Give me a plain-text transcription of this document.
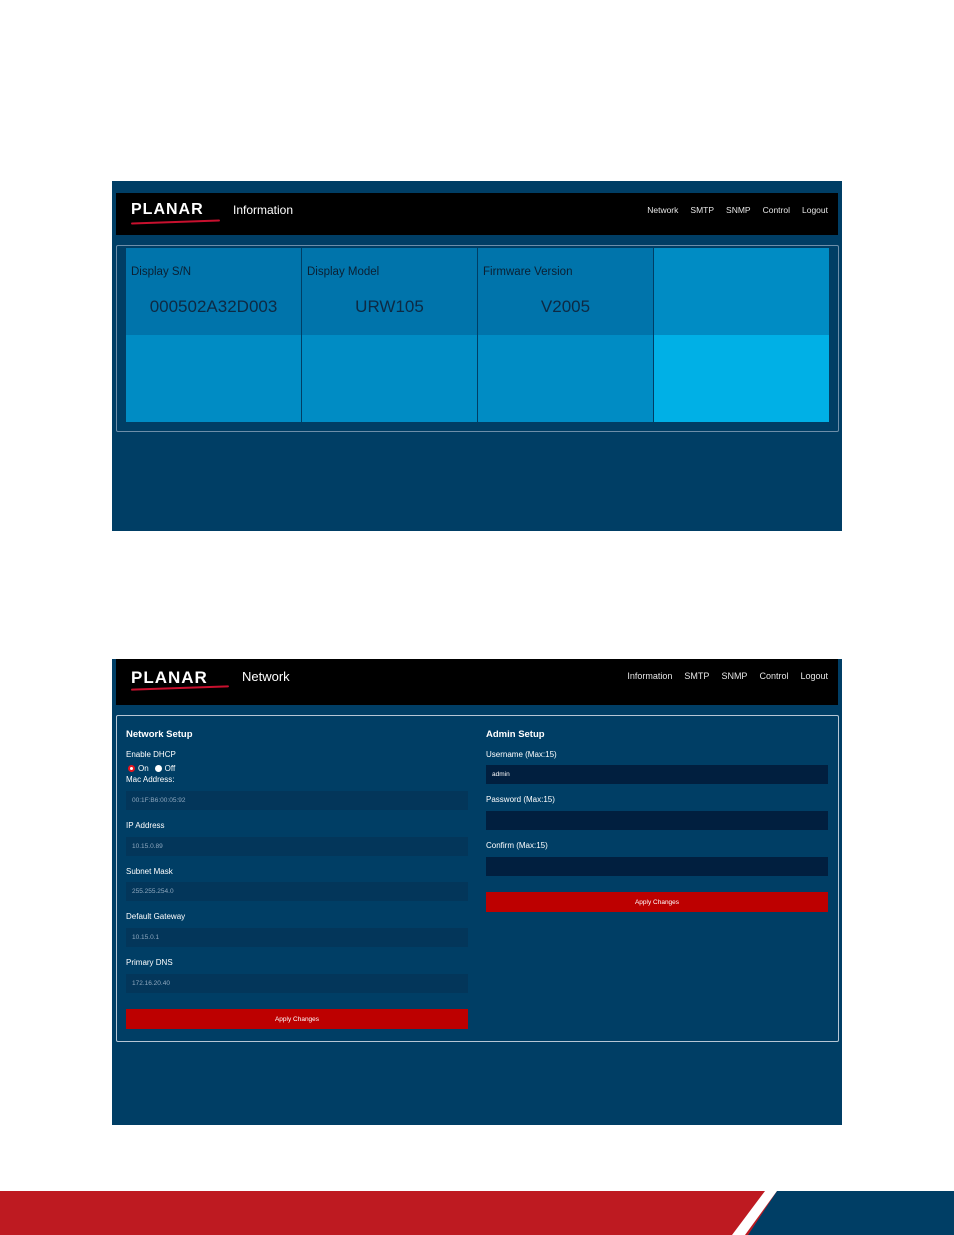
PLANAR Information	Network SMTP SNMP Control Logout
Display S/N
000502A32D003
Display Model
URW105
Firmware Version
V2005
PLANAR	Network	Information SMTP SNMP Control Logout
Network Setup
Enable DHCP
On Off
Mac Address:
00:1F:B6:00:05:92
IP Address
10.15.0.89
Subnet Mask
255.255.254.0
Default Gateway
10.15.0.1
Primary DNS
172.16.20.40
Apply Changes
Admin Setup
Username (Max:15)
admin
Password (Max:15)
Confirm (Max:15)
Apply Changes
